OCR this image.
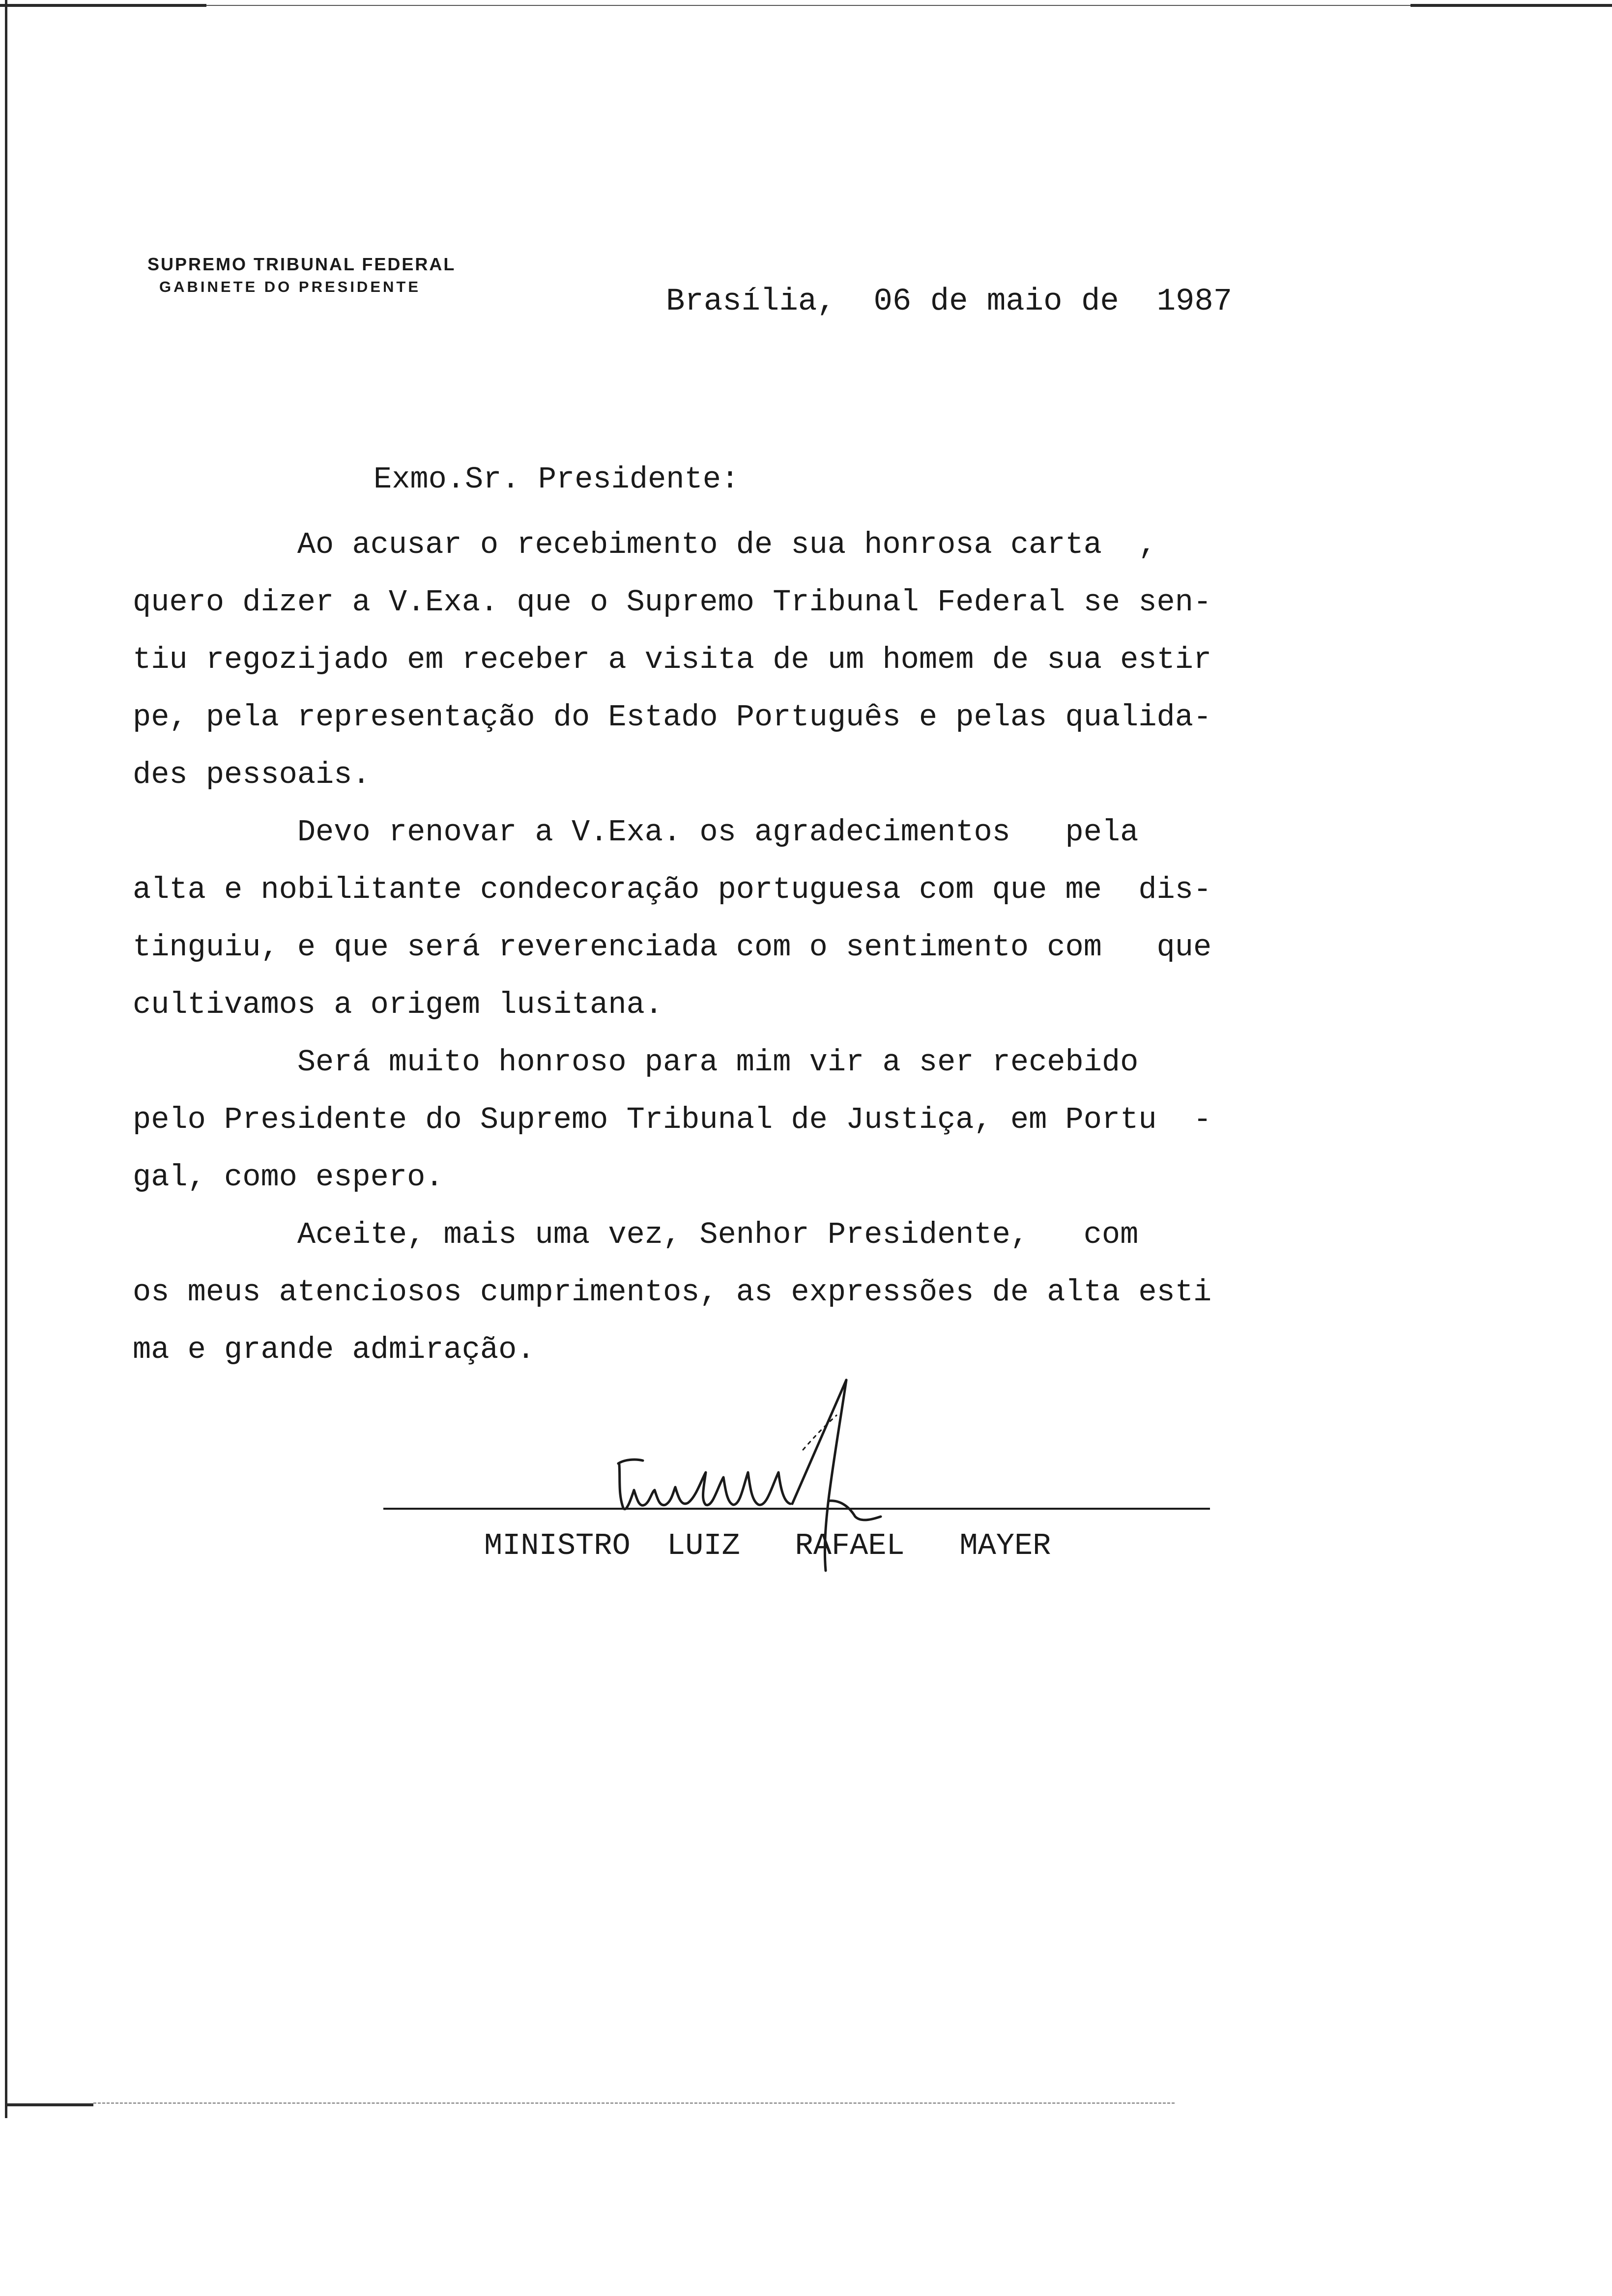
SUPREMO TRIBUNAL FEDERAL
GABINETE DO PRESIDENTE	Brasília,  06 de maio de  1987
Exmo.Sr. Presidente:
Ao acusar o recebimento de sua honrosa carta  ,
quero dizer a V.Exa. que o Supremo Tribunal Federal se sen-
tiu regozijado em receber a visita de um homem de sua estir
pe, pela representação do Estado Português e pelas qualida-
des pessoais.
Devo renovar a V.Exa. os agradecimentos   pela
alta e nobilitante condecoração portuguesa com que me  dis-
tinguiu, e que será reverenciada com o sentimento com   que
cultivamos a origem lusitana.
Será muito honroso para mim vir a ser recebido
pelo Presidente do Supremo Tribunal de Justiça, em Portu  -
gal, como espero.
Aceite, mais uma vez, Senhor Presidente,   com
os meus atenciosos cumprimentos, as expressões de alta esti
ma e grande admiração.
MINISTRO  LUIZ   RAFAEL   MAYER
